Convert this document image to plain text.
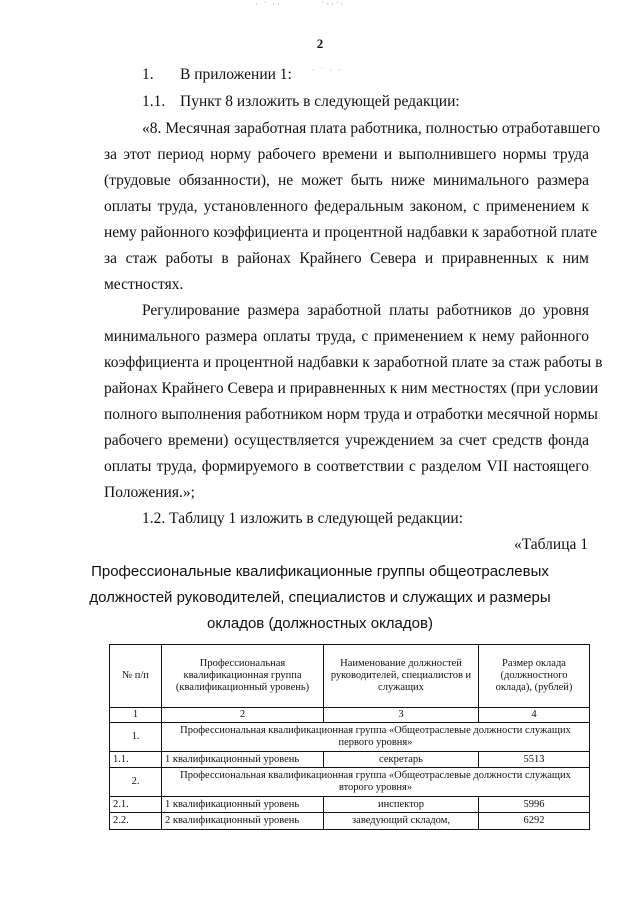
· ˙ ··          ˙··˙·
2
· ˙ · ·
1. В приложении 1:
1.1. Пункт 8 изложить в следующей редакции:
«8. Месячная заработная плата работника, полностью отработавшего
за этот период норму рабочего времени и выполнившего нормы труда
(трудовые обязанности), не может быть ниже минимального размера
оплаты труда, установленного федеральным законом, с применением к
нему районного коэффициента и процентной надбавки к заработной плате
за стаж работы в районах Крайнего Севера и приравненных к ним
местностях.
Регулирование размера заработной платы работников до уровня
минимального размера оплаты труда, с применением к нему районного
коэффициента и процентной надбавки к заработной плате за стаж работы в
районах Крайнего Севера и приравненных к ним местностях (при условии
полного выполнения работником норм труда и отработки месячной нормы
рабочего времени) осуществляется учреждением за счет средств фонда
оплаты труда, формируемого в соответствии с разделом VII настоящего
Положения.»;
1.2. Таблицу 1 изложить в следующей редакции:
«Таблица 1
Профессиональные квалификационные группы общеотраслевых
должностей руководителей, специалистов и служащих и размеры
окладов (должностных окладов)
№ п/п	Профессиональная квалификационная группа (квалификационный уровень)	Наименование должностей руководителей, специалистов и служащих	Размер оклада (должностного оклада), (рублей)
1	2	3	4
1.	Профессиональная квалификационная группа «Общеотраслевые должности служащих первого уровня»		
1.1.	1 квалификационный уровень	секретарь	5513
2.	Профессиональная квалификационная группа «Общеотраслевые должности служащих второго уровня»		
2.1.	1 квалификационный уровень	инспектор	5996
2.2.	2 квалификационный уровень	заведующий складом,	6292
